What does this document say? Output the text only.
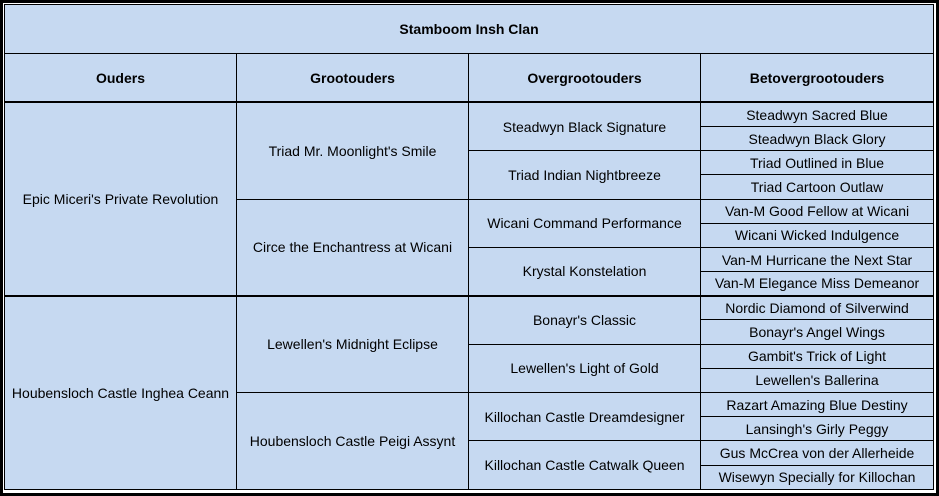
Stamboom Insh Clan			
Ouders	Grootouders	Overgrootouders	Betovergrootouders
Epic Miceri's Private Revolution	Triad Mr. Moonlight's Smile	Steadwyn Black Signature	Steadwyn Sacred Blue
			Steadwyn Black Glory
		Triad Indian Nightbreeze	Triad Outlined in Blue
			Triad Cartoon Outlaw
	Circe the Enchantress at Wicani	Wicani Command Performance	Van-M Good Fellow at Wicani
			Wicani Wicked Indulgence
		Krystal Konstelation	Van-M Hurricane the Next Star
			Van-M Elegance Miss Demeanor
Houbensloch Castle Inghea Ceann	Lewellen's Midnight Eclipse	Bonayr's Classic	Nordic Diamond of Silverwind
			Bonayr's Angel Wings
		Lewellen's Light of Gold	Gambit's Trick of Light
			Lewellen's Ballerina
	Houbensloch Castle Peigi Assynt	Killochan Castle Dreamdesigner	Razart Amazing Blue Destiny
			Lansingh's Girly Peggy
		Killochan Castle Catwalk Queen	Gus McCrea von der Allerheide
			Wisewyn Specially for Killochan
